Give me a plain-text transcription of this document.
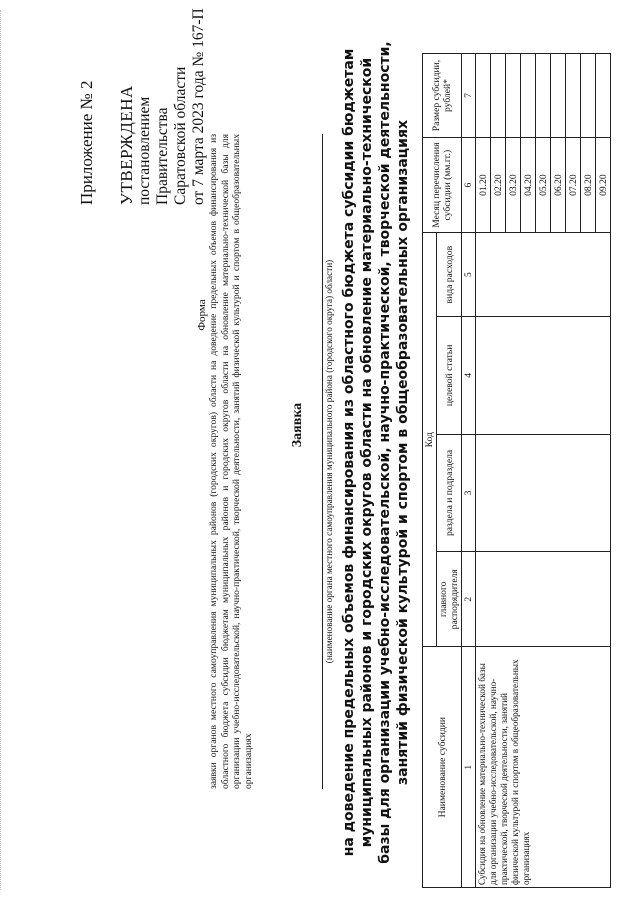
Приложение № 2 УТВЕРЖДЕНА постановлением Правительства Саратовской области от 7 марта 2023 года № 167-П
Форма заявки органов местного самоуправления муниципальных районов (городских округов) области на доведение предельных объемов финансирования из областного бюджета субсидии бюджетам муниципальных районов и городских округов области на обновление материально-технической базы для организации учебно-исследовательской, научно-практической, творческой деятельности, занятий физической культурой и спортом в общеобразовательных организациях
Заявка (наименование органа местного самоуправления муниципального района (городского округа) области) на доведение предельных объемов финансирования из областного бюджета субсидии бюджетам муниципальных районов и городских округов области на обновление материально-технической базы для организации учебно-исследовательской, научно-практической, творческой деятельности, занятий физической культурой и спортом в общеобразовательных организациях	Наименование субсидии	Код				Месяц перечисления субсидии (мм.гг.)	Размер субсидии, рублей*
	главного распорядителя	раздела и подраздела	целевой статьи	вида расходов		
1	2	3	4	5	6	7
Субсидия на обновление материально-технической базы для организации учебно-исследовательской, научно-практической, творческой деятельности, занятий физической культурой и спортом в общеобразовательных организациях					01.20	
					02.20	
					03.20	
					04.20	
					05.20	
					06.20	
					07.20	
					08.20	
					09.20	
